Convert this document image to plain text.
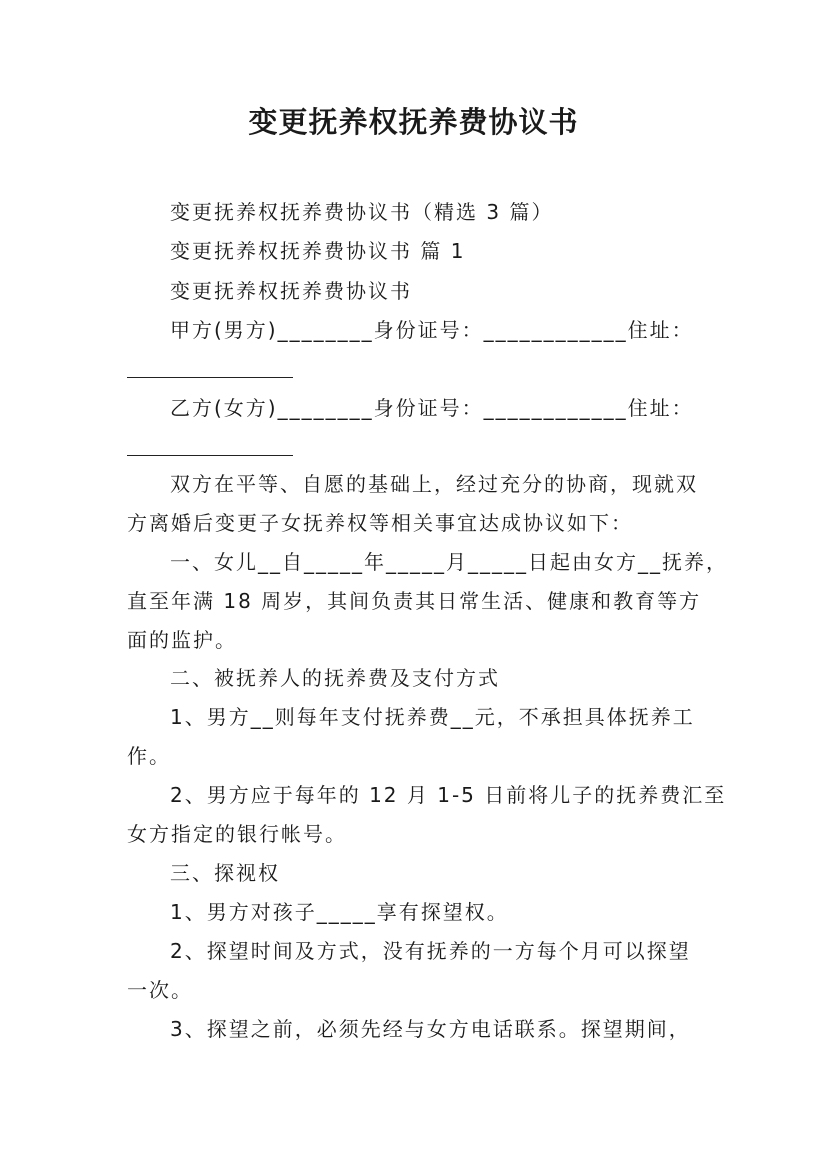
变更抚养权抚养费协议书
变更抚养权抚养费协议书（精选 3 篇）
变更抚养权抚养费协议书 篇 1
变更抚养权抚养费协议书
甲方(男方)________身份证号：____________住址：
乙方(女方)________身份证号：____________住址：
双方在平等、自愿的基础上，经过充分的协商，现就双
方离婚后变更子女抚养权等相关事宜达成协议如下：
一、女儿__自_____年_____月_____日起由女方__抚养，
直至年满 18 周岁，其间负责其日常生活、健康和教育等方
面的监护。
二、被抚养人的抚养费及支付方式
1、男方__则每年支付抚养费__元，不承担具体抚养工
作。
2、男方应于每年的 12 月 1-5 日前将儿子的抚养费汇至
女方指定的银行帐号。
三、探视权
1、男方对孩子_____享有探望权。
2、探望时间及方式，没有抚养的一方每个月可以探望
一次。
3、探望之前，必须先经与女方电话联系。探望期间，
